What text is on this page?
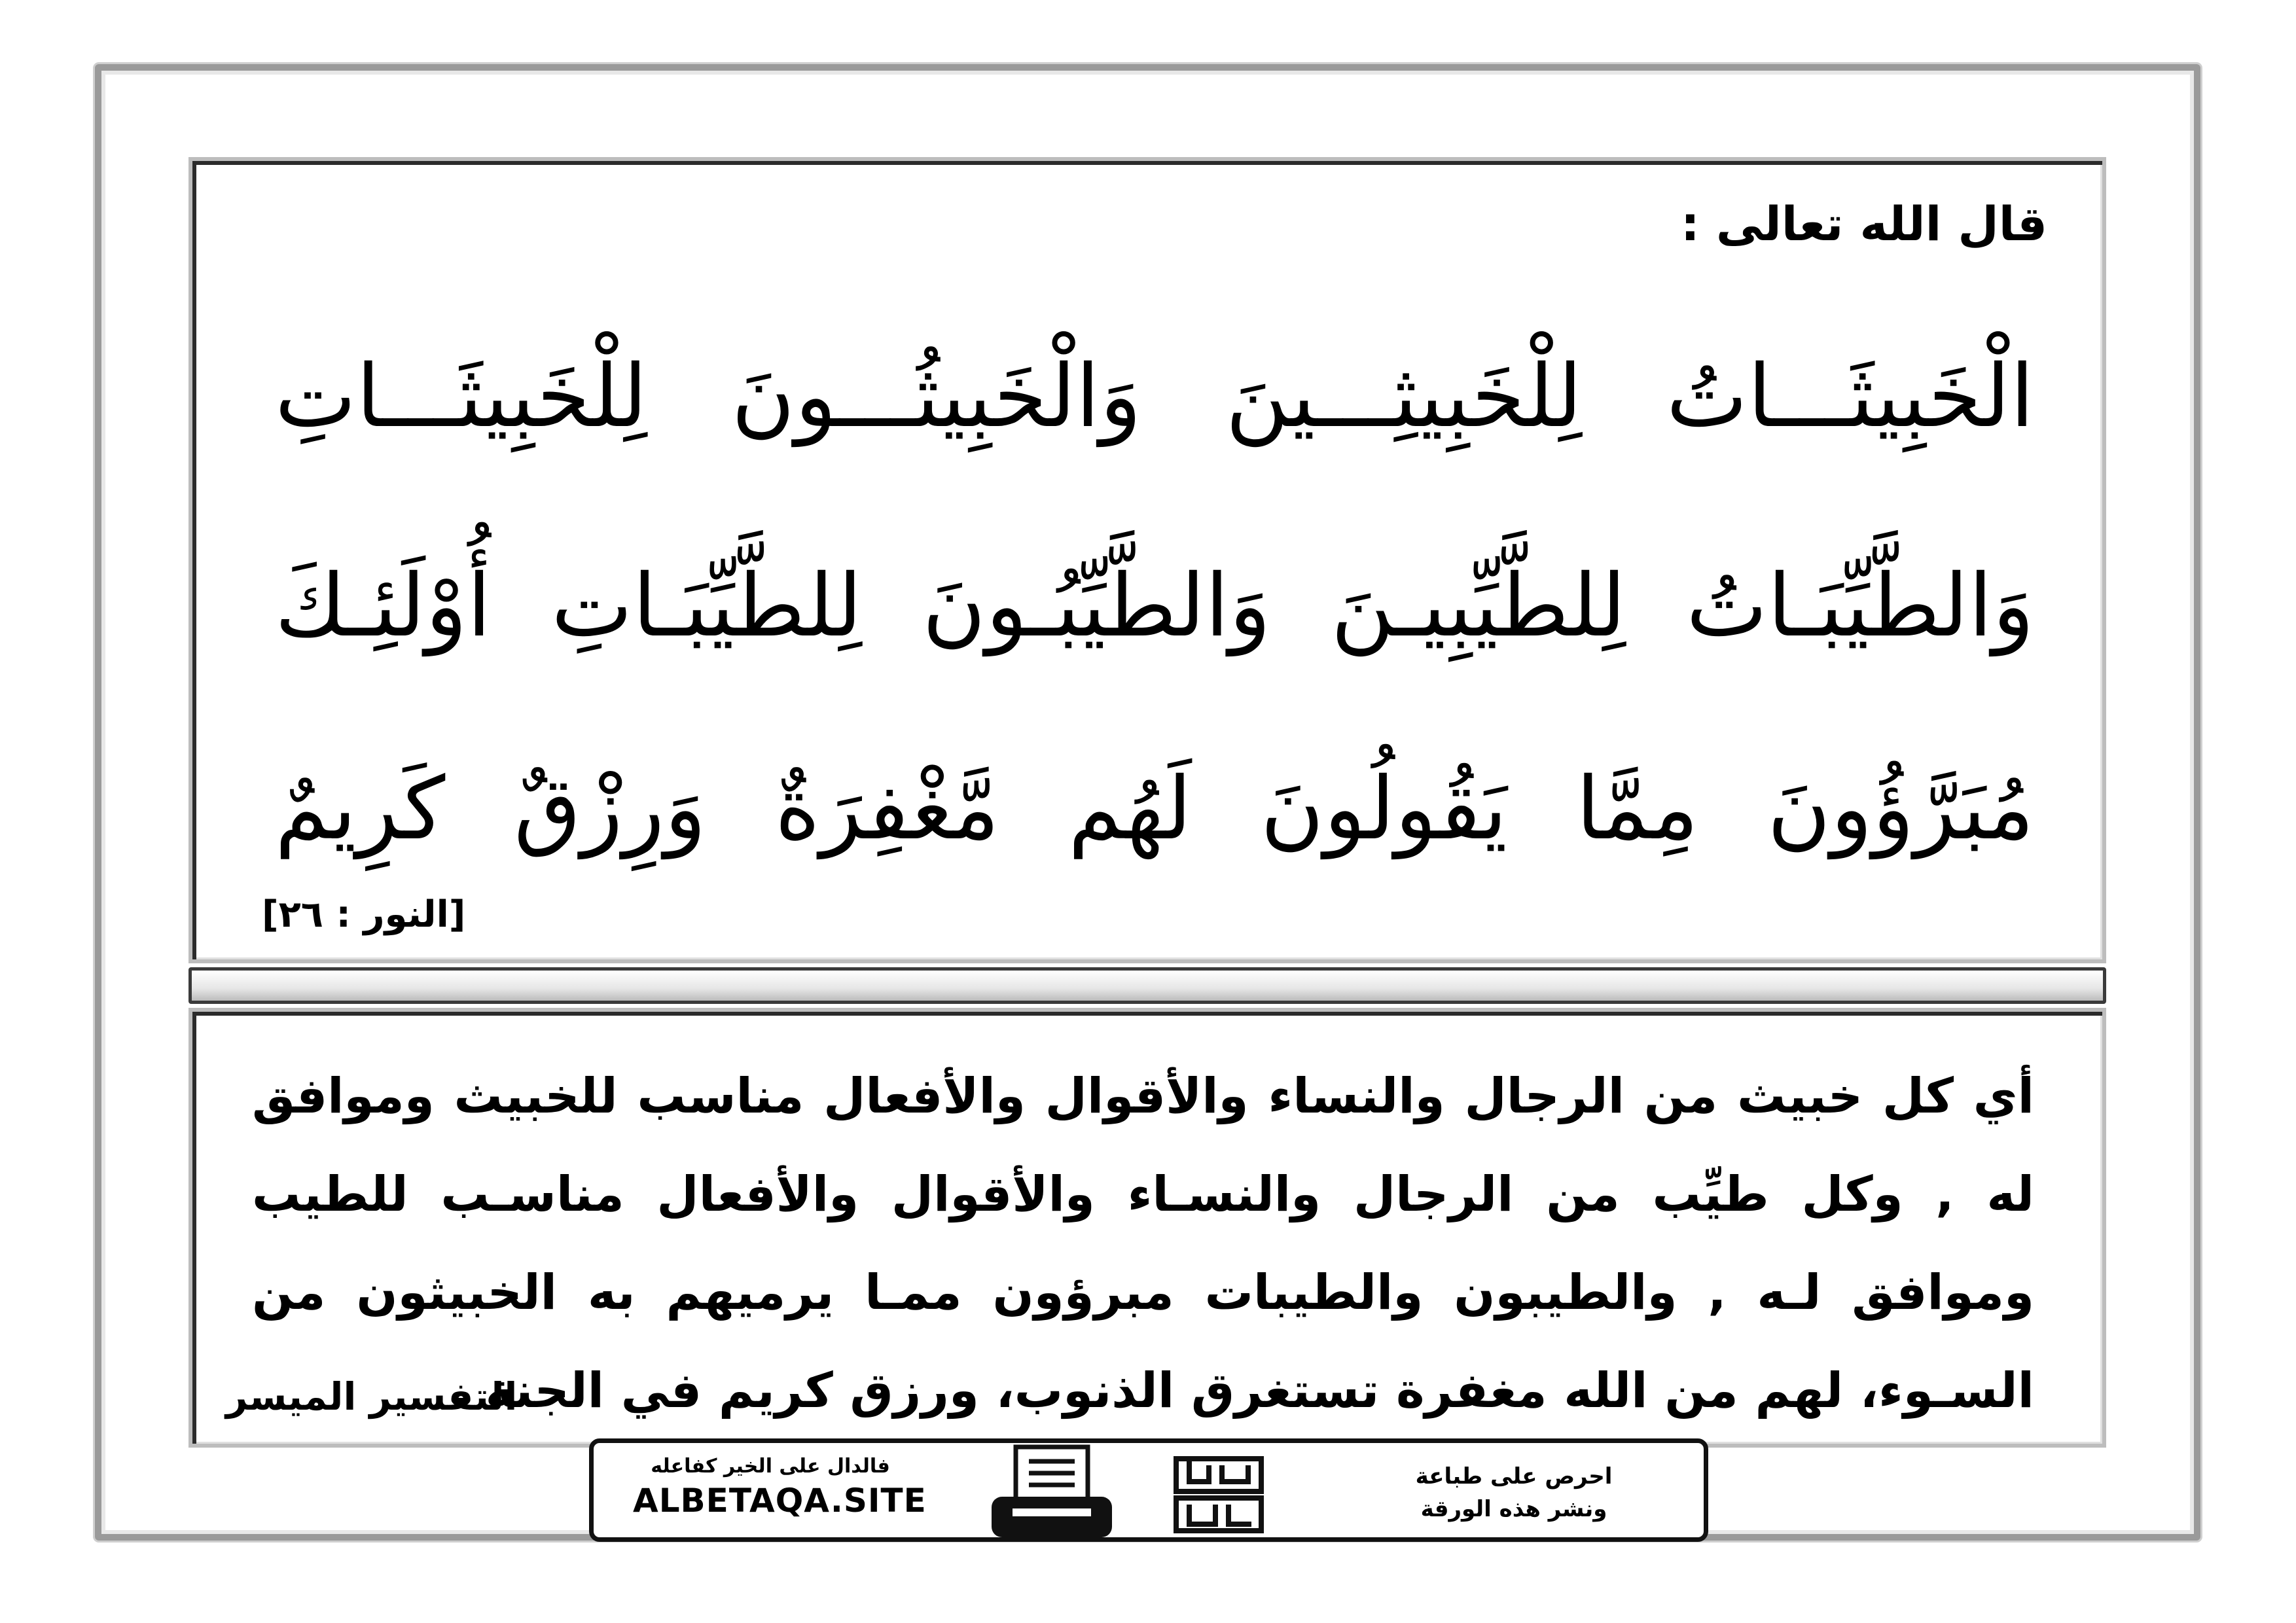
قال الله تعالى :
الْخَبِيثَـــاتُ لِلْخَبِيثِـــينَ وَالْخَبِيثُـــونَ لِلْخَبِيثَـــاتِ
وَالطَّيِّبَـاتُ لِلطَّيِّبِيـنَ وَالطَّيِّبُـونَ لِلطَّيِّبَـاتِ أُوْلَئِـكَ
مُبَرَّؤُونَ مِمَّا يَقُولُونَ لَهُم مَّغْفِرَةٌ وَرِزْقٌ كَرِيمٌ
[النور : ٢٦]
أي كل خبيث من الرجال والنساء والأقوال والأفعال مناسب للخبيث وموافق له , وكل طيِّب من الرجال والنسـاء والأقوال والأفعال مناسـب للطيب وموافق لـه , والطيبون والطيبات مبرؤون ممـا يرميهم به الخبيثون من السـوء، لهم من الله مغفرة تستغرق الذنوب، ورزق كريم في الجنة .
التفسير الميسر
فالدال على الخير كفاعله
ALBETAQA.SITE
احرص على طباعة
ونشر هذه الورقة
